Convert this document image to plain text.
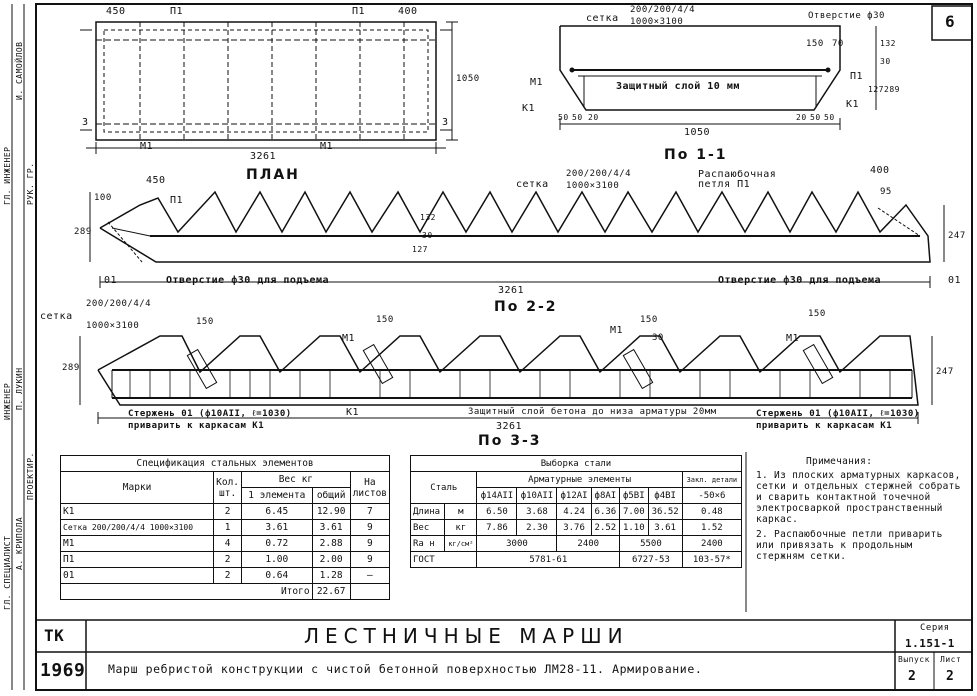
ГЛ. ИНЖЕНЕР
ИНЖЕНЕР
ГЛ. СПЕЦИАЛИСТ
И. САМОЙЛОВ
П. ЛУКИН
А. КРИПОЛА
РУК. ГР.
ПРОЕКТИР.
6
450	П1	П1	400
1050
3261
М1	М1
3	3
ПЛАН
сетка
200/200/4/4
1000×3100
Отверстие ф30
150 70
М1
К1
П1
К1
Защитный слой 10 мм
1050
132
30
127 289
50 50 20	20 50 50
По 1-1
сетка
200/200/4/4
1000×3100
Распаюбочная петля П1
П1
400
95
450
100
Отверстие ф30 для подъема	Отверстие ф30 для подъема
3261
01	01
289
127
30
132
247
По 2-2
сетка
200/200/4/4
1000×3100
М1
М1
М1
К1
150	150	150
150
30
3261
289	247
Стержень 01 (ф10АII, ℓ=1030)
приварить к каркасам К1
Стержень 01 (ф10АII, ℓ=1030)
приварить к каркасам К1
Защитный слой бетона до низа арматуры 20мм
По 3-3
Спецификация стальных элементов				
Марки	Кол. шт.	Вес кг		На листов
		1 элемента	общий	
К1	2	6.45	12.90	7
Сетка 200/200/4/4 1000×3100	1	3.61	3.61	9
М1	4	0.72	2.88	9
П1	2	1.00	2.00	9
01	2	0.64	1.28	—
Итого			22.67	
Выборка стали								
Сталь		Арматурные элементы						Закл. детали
		ф14АII	ф10АII	ф12АI	ф8АI	ф5ВI	ф4ВI	-50×6
Длина	м	6.50	3.68	4.24	6.36	7.00	36.52	0.48
Вес	кг	7.86	2.30	3.76	2.52	1.10	3.61	1.52
Rа н	кг/см²	3000		2400		5500		2400
ГОСТ		5781-61				6727-53		103-57*
Примечания:
1. Из плоских арматурных каркасов, сетки и отдельных стержней собрать и сварить контактной точечной электросваркой пространственный каркас.
2. Распаюбочные петли приварить или привязать к продольным стержням сетки.
ТК
1969
ЛЕСТНИЧНЫЕ МАРШИ
Марш ребристой конструкции с чистой бетонной поверхностью ЛМ28-11. Армирование.
Серия
1.151-1
Выпуск
2
Лист
2
